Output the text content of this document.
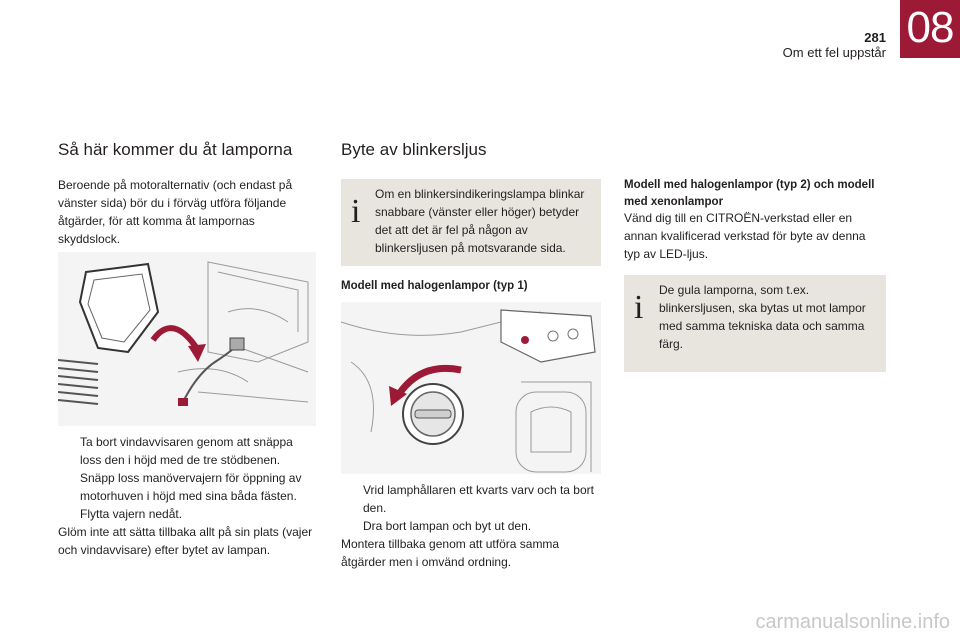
281
Om ett fel uppstår
08
Så här kommer du åt lamporna
Beroende på motoralternativ (och endast på vänster sida) bör du i förväg utföra följande åtgärder, för att komma åt lampornas skyddslock.
Ta bort vindavvisaren genom att snäppa loss den i höjd med de tre stödbenen.
Snäpp loss manövervajern för öppning av motorhuven i höjd med sina båda fästen.
Flytta vajern nedåt.
Glöm inte att sätta tillbaka allt på sin plats (vajer och vindavvisare) efter bytet av lampan.
Byte av blinkersljus
i Om en blinkersindikeringslampa blinkar snabbare (vänster eller höger) betyder det att det är fel på någon av blinkersljusen på motsvarande sida.
Modell med halogenlampor (typ 1)
Vrid lamphållaren ett kvarts varv och ta bort den.
Dra bort lampan och byt ut den.
Montera tillbaka genom att utföra samma åtgärder men i omvänd ordning.
Modell med halogenlampor (typ 2) och modell med xenonlampor
Vänd dig till en CITROËN-verkstad eller en annan kvalificerad verkstad för byte av denna typ av LED-ljus.
i De gula lamporna, som t.ex. blinkersljusen, ska bytas ut mot lampor med samma tekniska data och samma färg.
carmanualsonline.info
